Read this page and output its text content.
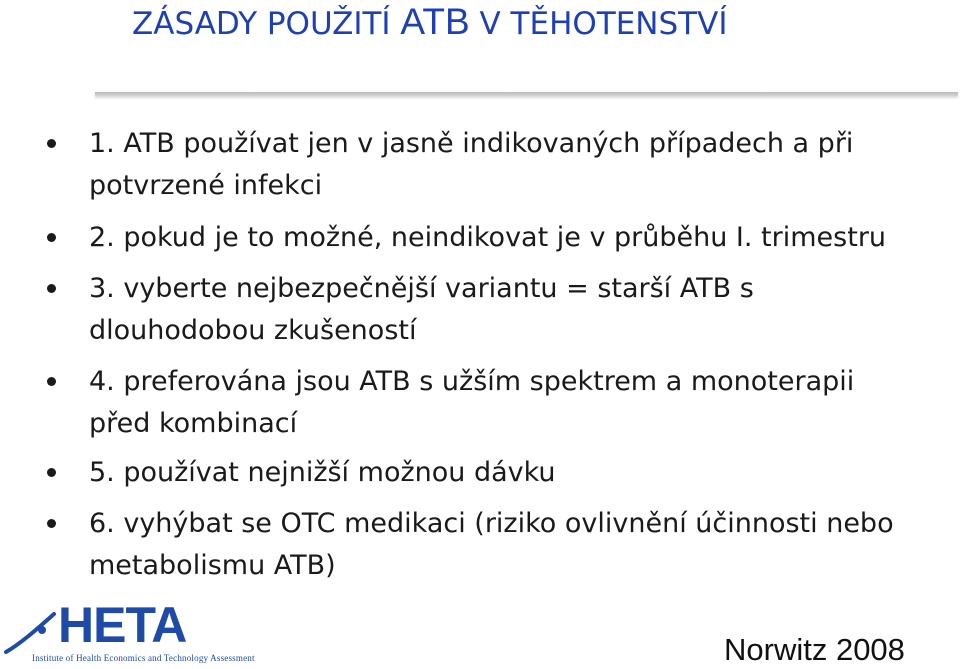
ZÁSADY POUŽITÍ ATB V TĚHOTENSTVÍ
1. ATB používat jen v jasně indikovaných případech a při
potvrzené infekci
2. pokud je to možné, neindikovat je v průběhu I. trimestru
3. vyberte nejbezpečnější variantu = starší ATB s
dlouhodobou zkušeností
4. preferována jsou ATB s užším spektrem a monoterapii
před kombinací
5. používat nejnižší možnou dávku
6. vyhýbat se OTC medikaci (riziko ovlivnění účinnosti nebo
metabolismu ATB)
HETA
Institute of Health Economics and Technology Assessment	Norwitz 2008
